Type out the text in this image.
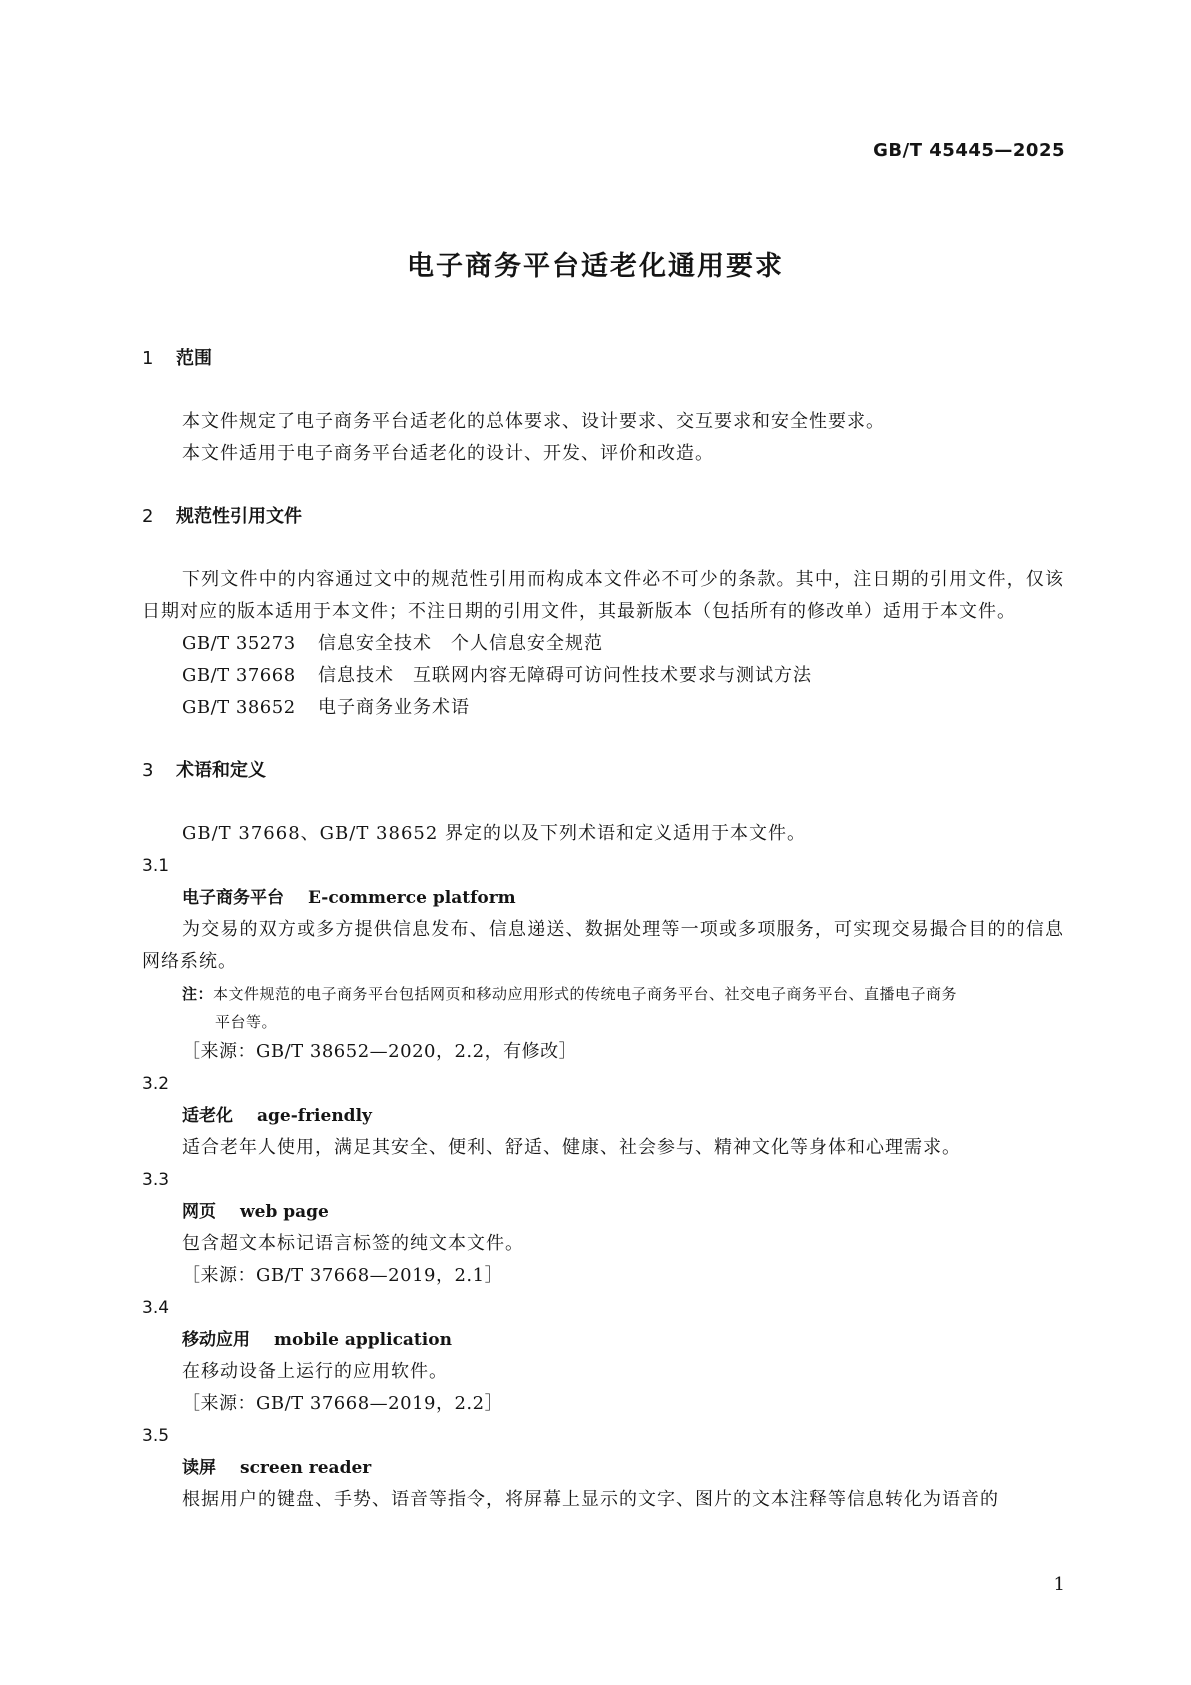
GB/T 45445—2025
电子商务平台适老化通用要求
1 范围

本文件规定了电子商务平台适老化的总体要求、设计要求、交互要求和安全性要求。

本文件适用于电子商务平台适老化的设计、开发、评价和改造。

2 规范性引用文件

下列文件中的内容通过文中的规范性引用而构成本文件必不可少的条款。其中，注日期的引用文件，仅该日期对应的版本适用于本文件；不注日期的引用文件，其最新版本（包括所有的修改单）适用于本文件。

GB/T 35273 信息安全技术　个人信息安全规范
GB/T 37668 信息技术　互联网内容无障碍可访问性技术要求与测试方法
GB/T 38652 电子商务业务术语
3 术语和定义

GB/T 37668、GB/T 38652 界定的以及下列术语和定义适用于本文件。

3.1
电子商务平台 E-commerce platform

为交易的双方或多方提供信息发布、信息递送、数据处理等一项或多项服务，可实现交易撮合目的的信息网络系统。

注：本文件规范的电子商务平台包括网页和移动应用形式的传统电子商务平台、社交电子商务平台、直播电子商务
平台等。
［来源：GB/T 38652—2020，2.2，有修改］
3.2
适老化 age-friendly

适合老年人使用，满足其安全、便利、舒适、健康、社会参与、精神文化等身体和心理需求。

3.3
网页 web page

包含超文本标记语言标签的纯文本文件。

［来源：GB/T 37668—2019，2.1］
3.4
移动应用 mobile application

在移动设备上运行的应用软件。

［来源：GB/T 37668—2019，2.2］
3.5
读屏 screen reader

根据用户的键盘、手势、语音等指令，将屏幕上显示的文字、图片的文本注释等信息转化为语音的

1
